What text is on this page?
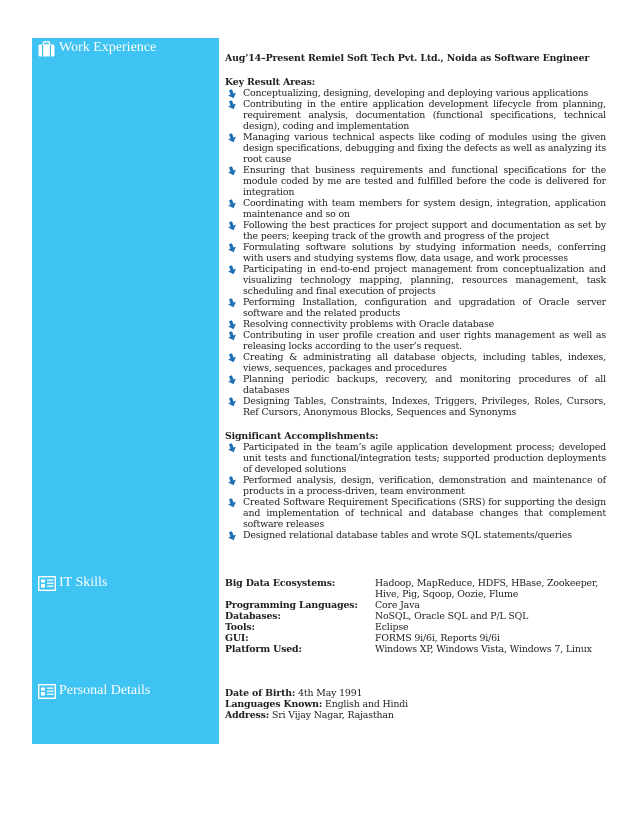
Work Experience
IT Skills
Personal Details
Aug’14–Present Remiel Soft Tech Pvt. Ltd., Noida as Software Engineer
Key Result Areas:
Conceptualizing, designing, developing and deploying various applications
Contributing in the entire application development lifecycle from planning, requirement analysis, documentation (functional specifications, technical design), coding and implementation
Managing various technical aspects like coding of modules using the given design specifications, debugging and fixing the defects as well as analyzing its root cause
Ensuring that business requirements and functional specifications for the module coded by me are tested and fulfilled before the code is delivered for integration
Coordinating with team members for system design, integration, application maintenance and so on
Following the best practices for project support and documentation as set by the peers; keeping track of the growth and progress of the project
Formulating software solutions by studying information needs, conferring with users and studying systems flow, data usage, and work processes
Participating in end-to-end project management from conceptualization and visualizing technology mapping, planning, resources management, task scheduling and final execution of projects
Performing Installation, configuration and upgradation of Oracle server software and the related products
Resolving connectivity problems with Oracle database
Contributing in user profile creation and user rights management as well as releasing locks according to the user’s request.
Creating & administrating all database objects, including tables, indexes, views, sequences, packages and procedures
Planning periodic backups, recovery, and monitoring procedures of all databases
Designing Tables, Constraints, Indexes, Triggers, Privileges, Roles, Cursors, Ref Cursors, Anonymous Blocks, Sequences and Synonyms
Significant Accomplishments:
Participated in the team’s agile application development process; developed unit tests and functional/integration tests; supported production deployments of developed solutions
Performed analysis, design, verification, demonstration and maintenance of products in a process-driven, team environment
Created Software Requirement Specifications (SRS) for supporting the design and implementation of technical and database changes that complement software releases
Designed relational database tables and wrote SQL statements/queries
Big Data Ecosystems:	Hadoop, MapReduce, HDFS, HBase, Zookeeper, Hive, Pig, Sqoop, Oozie, Flume
Programming Languages:	Core Java
Databases:	NoSQL, Oracle SQL and P/L SQL
Tools:	Eclipse
GUI:	FORMS 9i/6i, Reports 9i/6i
Platform Used:	Windows XP, Windows Vista, Windows 7, Linux
Date of Birth: 4th May 1991
Languages Known: English and Hindi
Address: Sri Vijay Nagar, Rajasthan
